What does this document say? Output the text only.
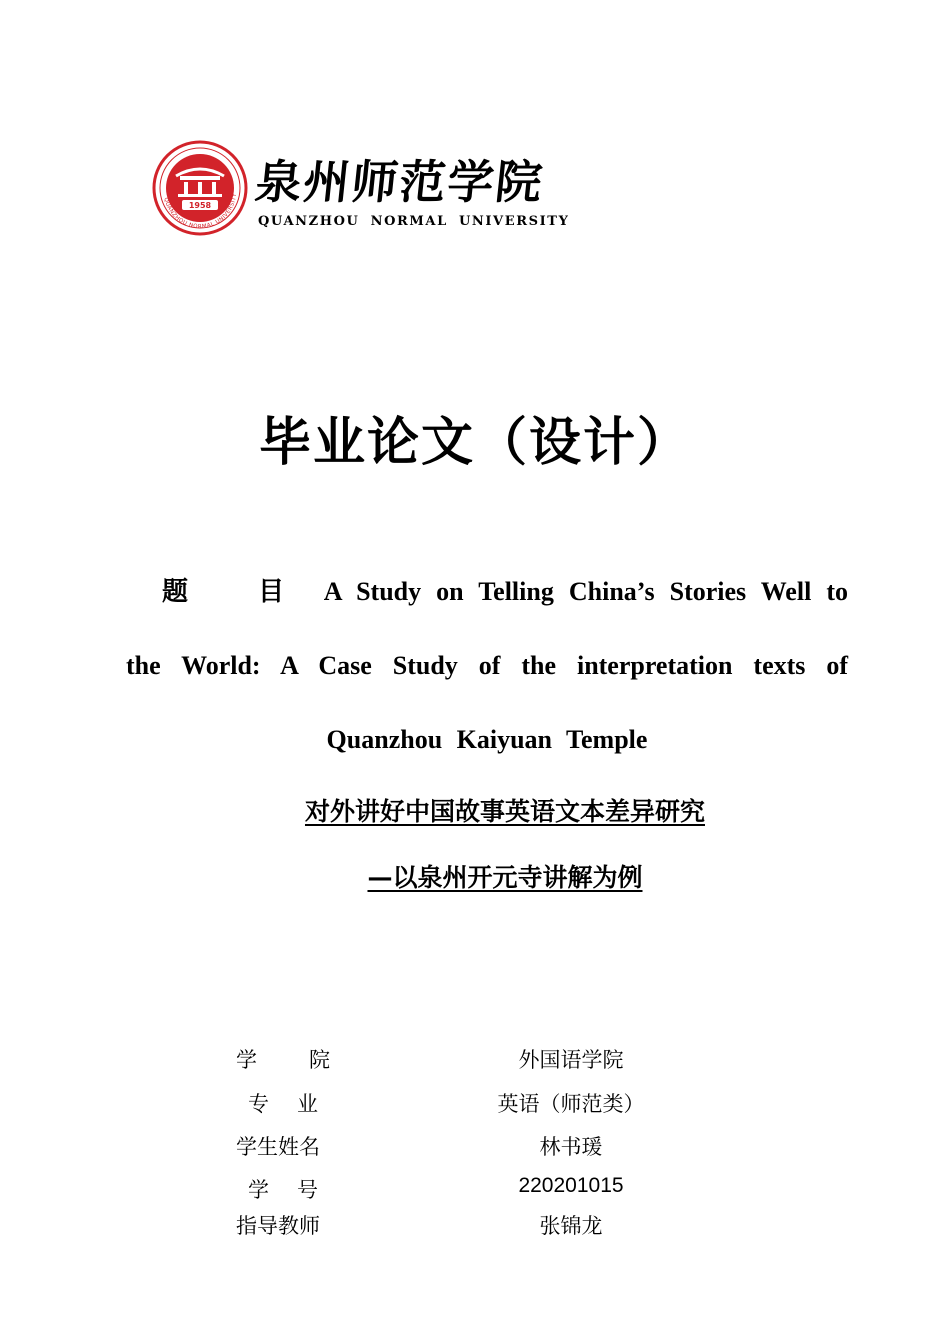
1958
QUANZHOU NORMAL UNIVERSITY 泉州师范学院
QUANZHOU NORMAL UNIVERSITY
毕业论文（设计）
题 目 A Study on Telling China’s Stories Well to
the World: A Case Study of the interpretation texts of
Quanzhou Kaiyuan Temple
对外讲好中国故事英语文本差异研究
—以泉州开元寺讲解为例
学 院	外国语学院
专 业	英语（师范类）
学生姓名	林书瑗
学 号	220201015
指导教师	张锦龙
